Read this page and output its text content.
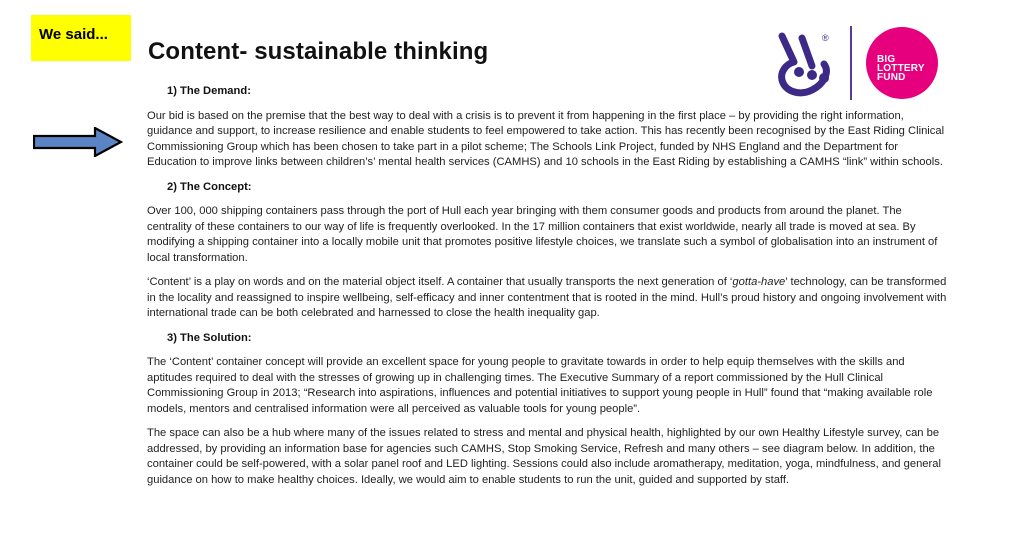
We said...
Content- sustainable thinking	®
BIG
LOTTERY
FUND
1) The Demand:

Our bid is based on the premise that the best way to deal with a crisis is to prevent it from happening in the first place – by providing the right information, guidance and support, to increase resilience and enable students to feel empowered to take action. This has recently been recognised by the East Riding Clinical Commissioning Group which has been chosen to take part in a pilot scheme; The Schools Link Project, funded by NHS England and the Department for Education to improve links between children’s’ mental health services (CAMHS) and 10 schools in the East Riding by establishing a CAMHS “link” within schools.

2) The Concept:

Over 100, 000 shipping containers pass through the port of Hull each year bringing with them consumer goods and products from around the planet. The centrality of these containers to our way of life is frequently overlooked. In the 17 million containers that exist worldwide, nearly all trade is moved at sea. By modifying a shipping container into a locally mobile unit that promotes positive lifestyle choices, we translate such a symbol of globalisation into an instrument of local transformation.

‘Content’ is a play on words and on the material object itself. A container that usually transports the next generation of ‘gotta-have’ technology, can be transformed in the locality and reassigned to inspire wellbeing, self-efficacy and inner contentment that is rooted in the mind. Hull’s proud history and ongoing involvement with international trade can be both celebrated and harnessed to close the health inequality gap.

3) The Solution:

The ‘Content’ container concept will provide an excellent space for young people to gravitate towards in order to help equip themselves with the skills and aptitudes required to deal with the stresses of growing up in challenging times. The Executive Summary of a report commissioned by the Hull Clinical Commissioning Group in 2013; “Research into aspirations, influences and potential initiatives to support young people in Hull” found that “making available role models, mentors and centralised information were all perceived as valuable tools for young people”.

The space can also be a hub where many of the issues related to stress and mental and physical health, highlighted by our own Healthy Lifestyle survey, can be addressed, by providing an information base for agencies such CAMHS, Stop Smoking Service, Refresh and many others – see diagram below. In addition, the container could be self-powered, with a solar panel roof and LED lighting. Sessions could also include aromatherapy, meditation, yoga, mindfulness, and general guidance on how to make healthy choices. Ideally, we would aim to enable students to run the unit, guided and supported by staff.
